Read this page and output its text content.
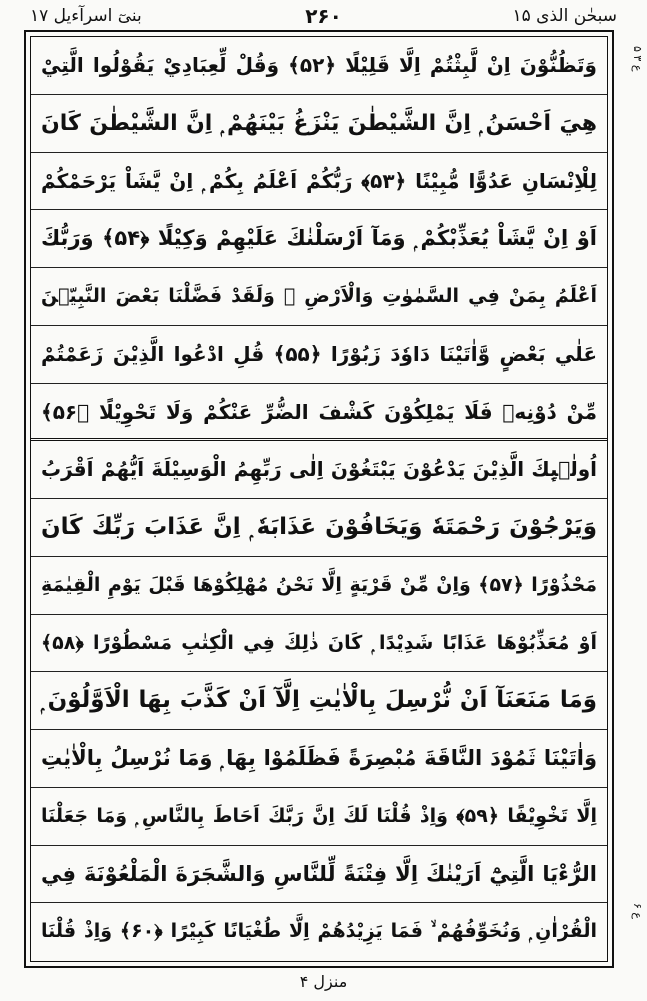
سبحٰن الذی ۱۵
۲۶۰
بنیٓ اسرآءیل ۱۷
۵ ۳ ع
ع ۶
وَتَظُنُّوْنَ اِنْ لَّبِثْتُمْ اِلَّا قَلِيْلًا ﴿۵۲﴾ وَقُلْ لِّعِبَادِيْ يَقُوْلُوا الَّتِيْ
هِيَ اَحْسَنُ ۭ اِنَّ الشَّيْطٰنَ يَنْزَغُ بَيْنَهُمْ ۭ اِنَّ الشَّيْطٰنَ كَانَ
لِلْاِنْسَانِ عَدُوًّا مُّبِيْنًا ﴿۵۳﴾ رَبُّكُمْ اَعْلَمُ بِكُمْ ۭ اِنْ يَّشَاْ يَرْحَمْكُمْ
اَوْ اِنْ يَّشَاْ يُعَذِّبْكُمْ ۭ وَمَآ اَرْسَلْنٰكَ عَلَيْهِمْ وَكِيْلًا ﴿۵۴﴾ وَرَبُّكَ
اَعْلَمُ بِمَنْ فِي السَّمٰوٰتِ وَالْاَرْضِ ۭ وَلَقَدْ فَضَّلْنَا بَعْضَ النَّبِيّٖنَ
عَلٰي بَعْضٍ وَّاٰتَيْنَا دَاوٗدَ زَبُوْرًا ﴿۵۵﴾ قُلِ ادْعُوا الَّذِيْنَ زَعَمْتُمْ
مِّنْ دُوْنِهٖ فَلَا يَمْلِكُوْنَ كَشْفَ الضُّرِّ عَنْكُمْ وَلَا تَحْوِيْلًا ﴿۵۶﴾
اُولٰۗىِٕكَ الَّذِيْنَ يَدْعُوْنَ يَبْتَغُوْنَ اِلٰى رَبِّهِمُ الْوَسِيْلَةَ اَيُّهُمْ اَقْرَبُ
وَيَرْجُوْنَ رَحْمَتَهٗ وَيَخَافُوْنَ عَذَابَهٗ ۭ اِنَّ عَذَابَ رَبِّكَ كَانَ
مَحْذُوْرًا ﴿۵۷﴾ وَاِنْ مِّنْ قَرْيَةٍ اِلَّا نَحْنُ مُهْلِكُوْهَا قَبْلَ يَوْمِ الْقِيٰمَةِ
اَوْ مُعَذِّبُوْهَا عَذَابًا شَدِيْدًا ۭ كَانَ ذٰلِكَ فِي الْكِتٰبِ مَسْطُوْرًا ﴿۵۸﴾
وَمَا مَنَعَنَآ اَنْ نُّرْسِلَ بِالْاٰيٰتِ اِلَّآ اَنْ كَذَّبَ بِهَا الْاَوَّلُوْنَ ۭ
وَاٰتَيْنَا ثَمُوْدَ النَّاقَةَ مُبْصِرَةً فَظَلَمُوْا بِهَا ۭ وَمَا نُرْسِلُ بِالْاٰيٰتِ
اِلَّا تَخْوِيْفًا ﴿۵۹﴾ وَاِذْ قُلْنَا لَكَ اِنَّ رَبَّكَ اَحَاطَ بِالنَّاسِ ۭ وَمَا جَعَلْنَا
الرُّءْيَا الَّتِيْٓ اَرَيْنٰكَ اِلَّا فِتْنَةً لِّلنَّاسِ وَالشَّجَرَةَ الْمَلْعُوْنَةَ فِي
الْقُرْاٰنِ ۭ وَنُخَوِّفُهُمْ ۙ فَمَا يَزِيْدُهُمْ اِلَّا طُغْيَانًا كَبِيْرًا ﴿۶۰﴾ وَاِذْ قُلْنَا
منزل ۴
